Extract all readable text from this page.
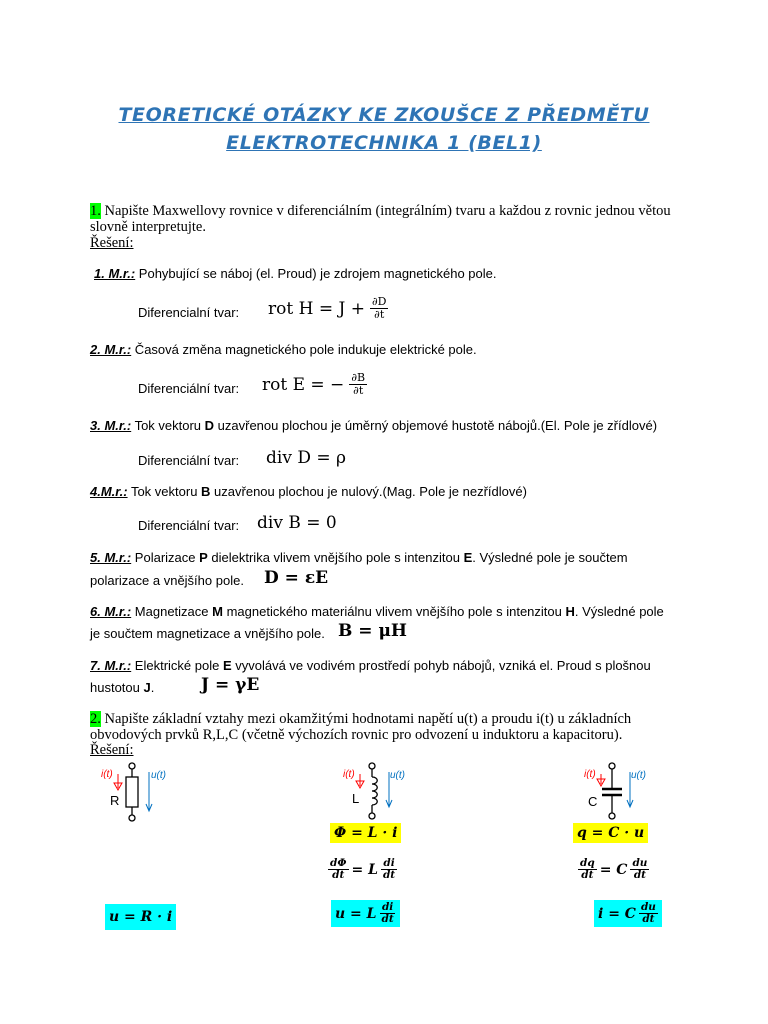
TEORETICKÉ OTÁZKY KE ZKOUŠCE Z PŘEDMĚTU
ELEKTROTECHNIKA 1 (BEL1)
1. Napište Maxwellovy rovnice v diferenciálním (integrálním) tvaru a každou z rovnic jednou větou
slovně interpretujte.
Řešení:
1. M.r.: Pohybující se náboj (el. Proud) je zdrojem magnetického pole.
Diferencialní tvar: rot $H = J + \frac{\partial D}{\partial t}$
2. M.r.: Časová změna magnetického pole indukuje elektrické pole.
Diferenciální tvar: rot E = − $\frac{\partial B}{\partial t}$
3. M.r.: Tok vektoru D uzavřenou plochou je úměrný objemové hustotě nábojů.(El. Pole je zřídlové)
Diferenciální tvar: div D = ρ
4.M.r.: Tok vektoru B uzavřenou plochou je nulový.(Mag. Pole je nezřídlové)
Diferenciální tvar: div B = 0
5. M.r.: Polarizace P dielektrika vlivem vnějšího pole s intenzitou E. Výsledné pole je součtem
polarizace a vnějšího pole. D = εE
6. M.r.: Magnetizace M magnetického materiálnu vlivem vnějšího pole s intenzitou H. Výsledné pole
je součtem magnetizace a vnějšího pole. B = μH
7. M.r.: Elektrické pole E vyvolává ve vodivém prostředí pohyb nábojů, vzniká el. Proud s plošnou
hustotou J.	J = γE
2. Napište základní vztahy mezi okamžitými hodnotami napětí u(t) a proudu i(t) u základních
obvodových prvků R,L,C (včetně výchozích rovnic pro odvození u induktoru a kapacitoru).
Řešení:
i(t)
R
u(t)	i(t)
L
u(t)	i(t)
C
u(t)
Φ = L · i	q = C · u
$\frac{d\Phi}{dt} = L \frac{di}{dt}$	$\frac{dq}{dt} = C \frac{du}{dt}$
u = R · i	u = L $\frac{di}{dt}$	i = C $\frac{du}{dt}$
